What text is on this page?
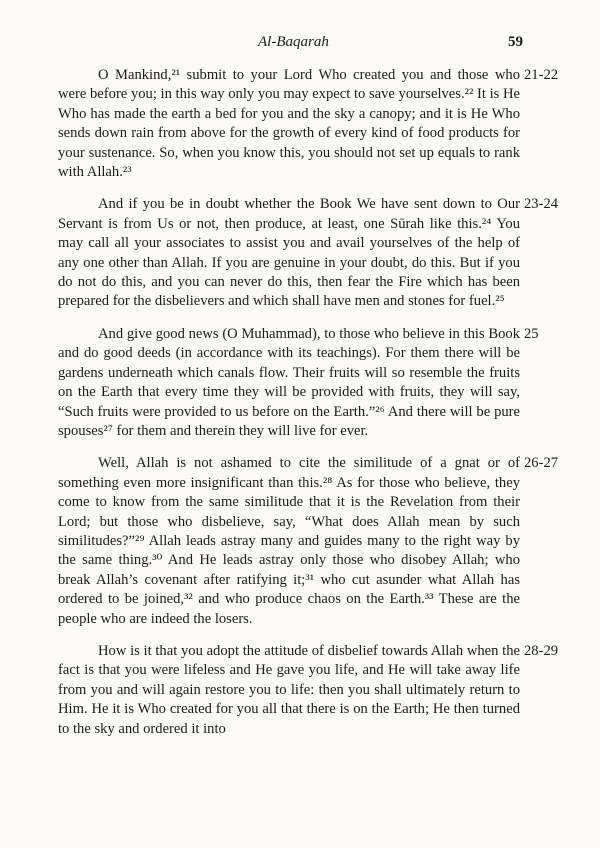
Al-Baqarah	59

O Mankind,²¹ submit to your Lord Who created you and those who were before you; in this way only you may expect to save yourselves.²² It is He Who has made the earth a bed for you and the sky a canopy; and it is He Who sends down rain from above for the growth of every kind of food products for your sustenance. So, when you know this, you should not set up equals to rank with Allah.²³

21-22

And if you be in doubt whether the Book We have sent down to Our Servant is from Us or not, then produce, at least, one Sūrah like this.²⁴ You may call all your associates to assist you and avail yourselves of the help of any one other than Allah. If you are genuine in your doubt, do this. But if you do not do this, and you can never do this, then fear the Fire which has been prepared for the disbelievers and which shall have men and stones for fuel.²⁵

23-24

And give good news (O Muhammad), to those who believe in this Book and do good deeds (in accordance with its teachings). For them there will be gardens underneath which canals flow. Their fruits will so resemble the fruits on the Earth that every time they will be provided with fruits, they will say, “Such fruits were provided to us before on the Earth.”²⁶ And there will be pure spouses²⁷ for them and therein they will live for ever.

25

Well, Allah is not ashamed to cite the similitude of a gnat or of something even more insignificant than this.²⁸ As for those who believe, they come to know from the same similitude that it is the Revelation from their Lord; but those who disbelieve, say, “What does Allah mean by such similitudes?”²⁹ Allah leads astray many and guides many to the right way by the same thing.³⁰ And He leads astray only those who disobey Allah; who break Allah’s covenant after ratifying it;³¹ who cut asunder what Allah has ordered to be joined,³² and who produce chaos on the Earth.³³ These are the people who are indeed the losers.

26-27

How is it that you adopt the attitude of disbelief towards Allah when the fact is that you were lifeless and He gave you life, and He will take away life from you and will again restore you to life: then you shall ultimately return to Him. He it is Who created for you all that there is on the Earth; He then turned to the sky and ordered it into

28-29
